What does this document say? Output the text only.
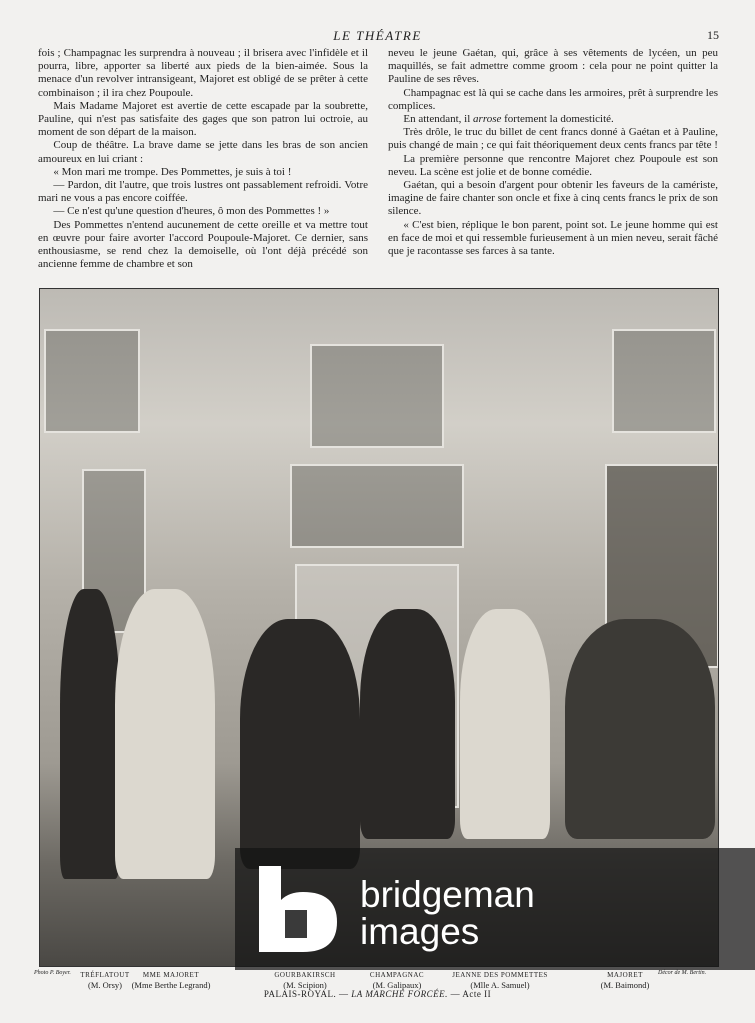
LE THÉATRE	15

fois ; Champagnac les surprendra à nouveau ; il brisera avec l'infidèle et il pourra, libre, apporter sa liberté aux pieds de la bien-aimée. Sous la menace d'un revolver intransigeant, Majoret est obligé de se prêter à cette combinaison ; il ira chez Poupoule.

Mais Madame Majoret est avertie de cette escapade par la soubrette, Pauline, qui n'est pas satisfaite des gages que son patron lui octroie, au moment de son départ de la maison.

Coup de théâtre. La brave dame se jette dans les bras de son ancien amoureux en lui criant :

« Mon mari me trompe. Des Pommettes, je suis à toi !

— Pardon, dit l'autre, que trois lustres ont passablement refroidi. Votre mari ne vous a pas encore coiffée.

— Ce n'est qu'une question d'heures, ô mon des Pommettes ! »

Des Pommettes n'entend aucunement de cette oreille et va mettre tout en œuvre pour faire avorter l'accord Poupoule-Majoret. Ce dernier, sans enthousiasme, se rend chez la demoiselle, où l'ont déjà précédé son ancienne femme de chambre et son

neveu le jeune Gaétan, qui, grâce à ses vêtements de lycéen, un peu maquillés, se fait admettre comme groom : cela pour ne point quitter la Pauline de ses rêves.

Champagnac est là qui se cache dans les armoires, prêt à surprendre les complices.

En attendant, il arrose fortement la domesticité.

Très drôle, le truc du billet de cent francs donné à Gaétan et à Pauline, puis changé de main ; ce qui fait théoriquement deux cents francs par tête !

La première personne que rencontre Majoret chez Poupoule est son neveu. La scène est jolie et de bonne comédie.

Gaétan, qui a besoin d'argent pour obtenir les faveurs de la caméristе, imagine de faire chanter son oncle et fixe à cinq cents francs le prix de son silence.

« C'est bien, réplique le bon parent, point sot. Le jeune homme qui est en face de moi et qui ressemble furieusement à un mien neveu, serait fâché que je racontasse ses farces à sa tante.

bridgeman
images
Photo P. Boyer.	Décor de M. Bertin.
TRÉFLATOUT
(M. Orsy)
MME MAJORET
(Mme Berthe Legrand)
GOURBAKIRSCH
(M. Scipion)
CHAMPAGNAC
(M. Galipaux)
JEANNE DES POMMETTES
(Mlle A. Samuel)
MAJORET
(M. Baimond)
PALAIS-ROYAL. — LA MARCHE FORCÉE. — Acte II
